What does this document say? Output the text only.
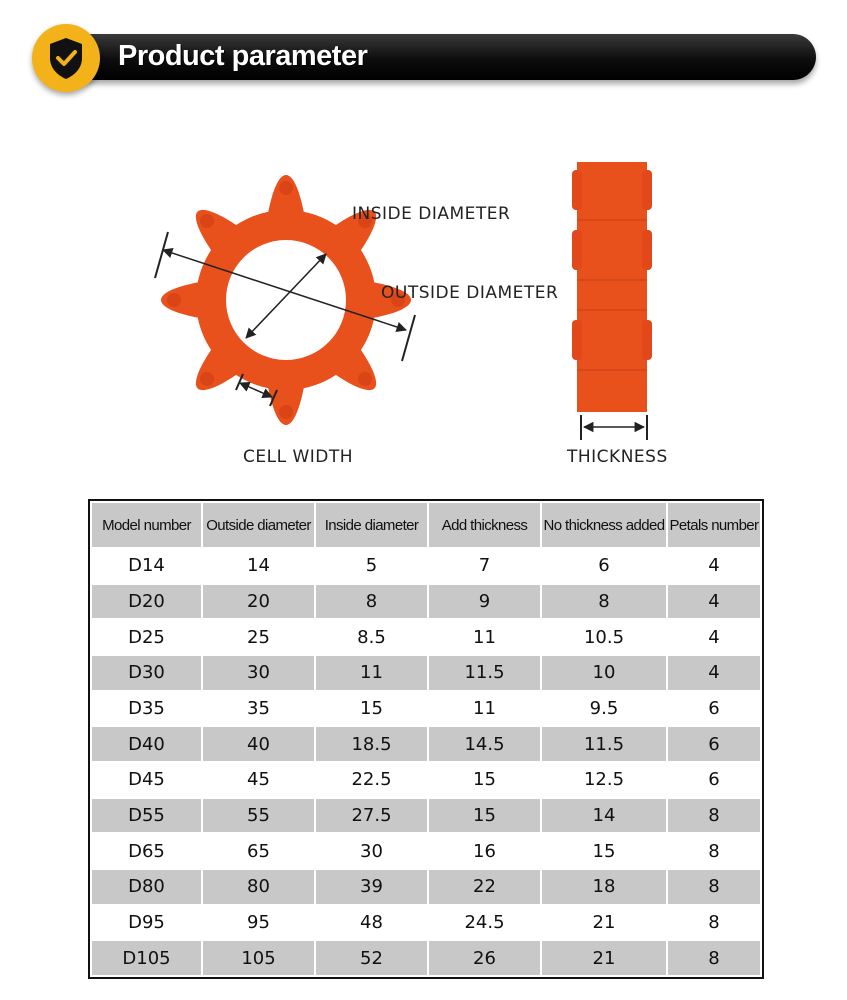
Product parameter
INSIDE DIAMETER
OUTSIDE DIAMETER
CELL WIDTH	THICKNESS
Model number	Outside diameter	Inside diameter	Add thickness	No thickness added	Petals number
D14	14	5	7	6	4
D20	20	8	9	8	4
D25	25	8.5	11	10.5	4
D30	30	11	11.5	10	4
D35	35	15	11	9.5	6
D40	40	18.5	14.5	11.5	6
D45	45	22.5	15	12.5	6
D55	55	27.5	15	14	8
D65	65	30	16	15	8
D80	80	39	22	18	8
D95	95	48	24.5	21	8
D105	105	52	26	21	8
